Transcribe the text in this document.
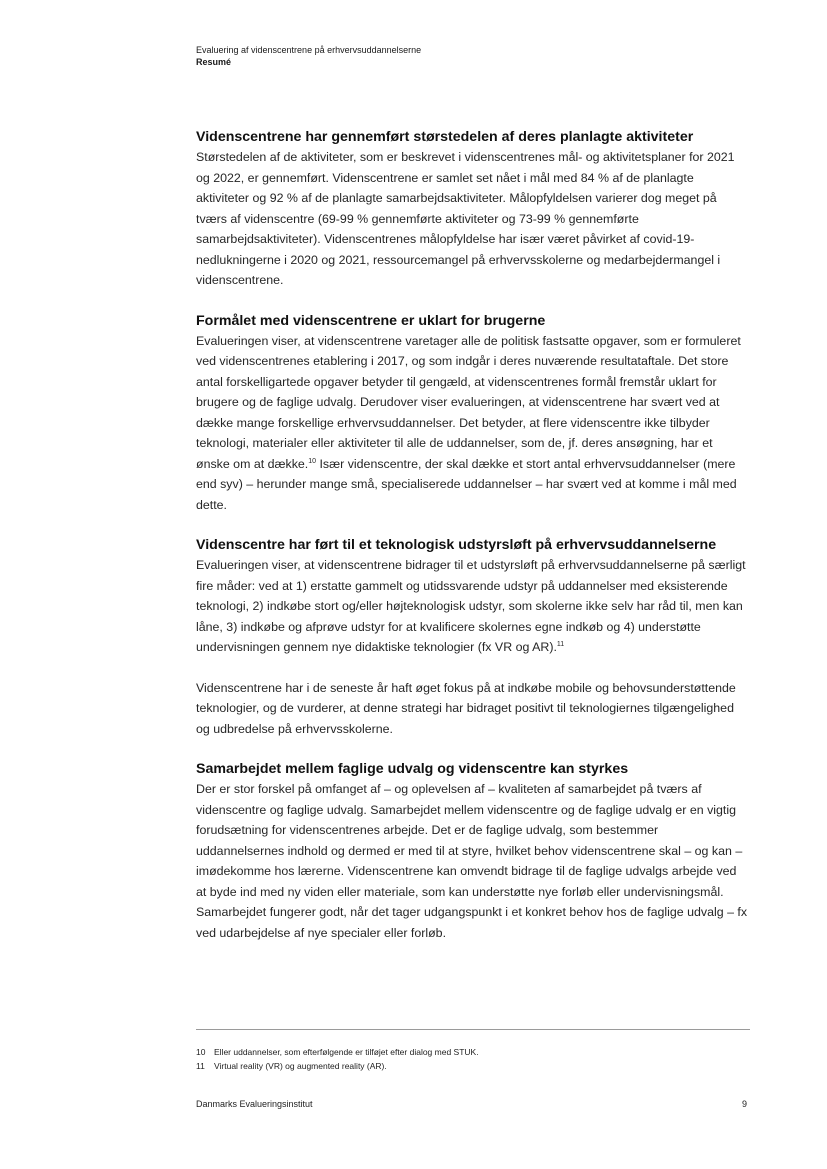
Evaluering af videnscentrene på erhvervsuddannelserne
Resumé
Videnscentrene har gennemført størstedelen af deres planlagte aktiviteter

Størstedelen af de aktiviteter, som er beskrevet i videnscentrenes mål- og aktivitetsplaner for 2021 og 2022, er gennemført. Videnscentrene er samlet set nået i mål med 84 % af de planlagte aktiviteter og 92 % af de planlagte samarbejdsaktiviteter. Målopfyldelsen varierer dog meget på tværs af videnscentre (69-99 % gennemførte aktiviteter og 73-99 % gennemførte samarbejdsaktiviteter). Videnscentrenes målopfyldelse har især været påvirket af covid-19-nedlukningerne i 2020 og 2021, ressourcemangel på erhvervsskolerne og medarbejdermangel i videnscentrene.

Formålet med videnscentrene er uklart for brugerne

Evalueringen viser, at videnscentrene varetager alle de politisk fastsatte opgaver, som er formuleret ved videnscentrenes etablering i 2017, og som indgår i deres nuværende resultataftale. Det store antal forskelligartede opgaver betyder til gengæld, at videnscentrenes formål fremstår uklart for brugere og de faglige udvalg. Derudover viser evalueringen, at videnscentrene har svært ved at dække mange forskellige erhvervsuddannelser. Det betyder, at flere videnscentre ikke tilbyder teknologi, materialer eller aktiviteter til alle de uddannelser, som de, jf. deres ansøgning, har et ønske om at dække.$^{10}$ Især videnscentre, der skal dække et stort antal erhvervsuddannelser (mere end syv) – herunder mange små, specialiserede uddannelser – har svært ved at komme i mål med dette.

Videnscentre har ført til et teknologisk udstyrsløft på erhvervsuddannelserne

Evalueringen viser, at videnscentrene bidrager til et udstyrsløft på erhvervsuddannelserne på særligt fire måder: ved at 1) erstatte gammelt og utidssvarende udstyr på uddannelser med eksisterende teknologi, 2) indkøbe stort og/eller højteknologisk udstyr, som skolerne ikke selv har råd til, men kan låne, 3) indkøbe og afprøve udstyr for at kvalificere skolernes egne indkøb og 4) understøtte undervisningen gennem nye didaktiske teknologier (fx VR og AR).$^{11}$

Videnscentrene har i de seneste år haft øget fokus på at indkøbe mobile og behovsunderstøttende teknologier, og de vurderer, at denne strategi har bidraget positivt til teknologiernes tilgængelighed og udbredelse på erhvervsskolerne.

Samarbejdet mellem faglige udvalg og videnscentre kan styrkes

Der er stor forskel på omfanget af – og oplevelsen af – kvaliteten af samarbejdet på tværs af videnscentre og faglige udvalg. Samarbejdet mellem videnscentre og de faglige udvalg er en vigtig forudsætning for videnscentrenes arbejde. Det er de faglige udvalg, som bestemmer uddannelsernes indhold og dermed er med til at styre, hvilket behov videnscentrene skal – og kan – imødekomme hos lærerne. Videnscentrene kan omvendt bidrage til de faglige udvalgs arbejde ved at byde ind med ny viden eller materiale, som kan understøtte nye forløb eller undervisningsmål. Samarbejdet fungerer godt, når det tager udgangspunkt i et konkret behov hos de faglige udvalg – fx ved udarbejdelse af nye specialer eller forløb.

10	Eller uddannelser, som efterfølgende er tilføjet efter dialog med STUK.
11	Virtual reality (VR) og augmented reality (AR).
Danmarks Evalueringsinstitut	9
